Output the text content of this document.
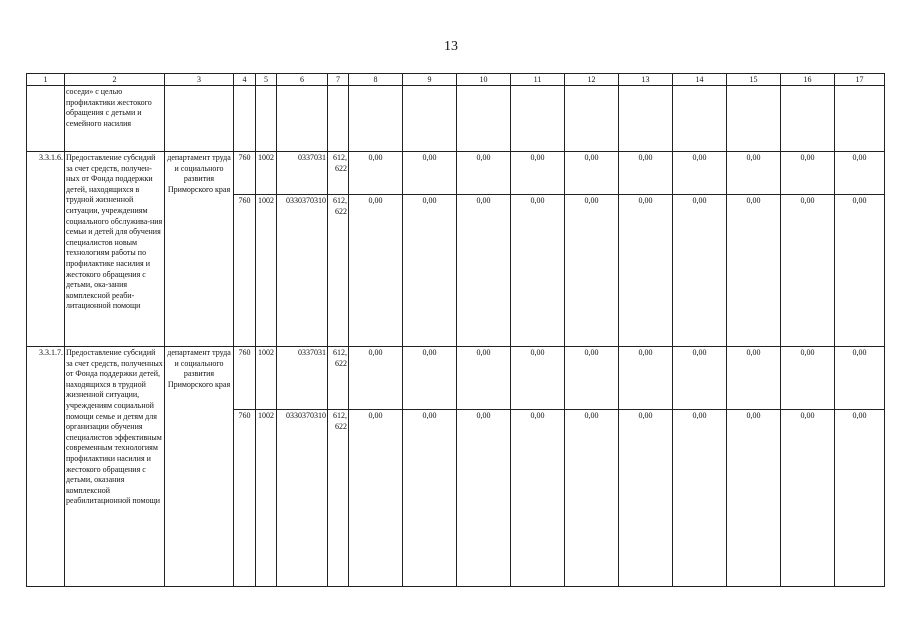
13
1	2	3	4	5	6	7	8	9	10	11	12	13	14	15	16	17
	соседи» с целью профилактики жестокого обращения с детьми и семейного насилия															
3.3.1.6.	Предоставление субсидий за счет средств, получен-ных от Фонда поддержки детей, находящихся в трудной жизненной ситуации, учреждениям социального обслужива-ния семьи и детей для обучения специалистов новым технологиям работы по профилактике насилия и жестокого обращения с детьми, ока-зания комплексной реаби-литационной помощи	департамент труда и социального развития Приморского края	760	1002	0337031	612, 622	0,00	0,00	0,00	0,00	0,00	0,00	0,00	0,00	0,00	0,00
			760	1002	0330370310	612, 622	0,00	0,00	0,00	0,00	0,00	0,00	0,00	0,00	0,00	0,00
3.3.1.7.	Предоставление субсидий за счет средств, полученных от Фонда поддержки детей, находящихся в трудной жизненной ситуации, учреждениям социальной помощи семье и детям для организации обучения специалистов эффективным современным технологиям профилактики насилия и жестокого обращения с детьми, оказания комплексной реабилитационной помощи	департамент труда и социального развития Приморского края	760	1002	0337031	612, 622	0,00	0,00	0,00	0,00	0,00	0,00	0,00	0,00	0,00	0,00
			760	1002	0330370310	612, 622	0,00	0,00	0,00	0,00	0,00	0,00	0,00	0,00	0,00	0,00
